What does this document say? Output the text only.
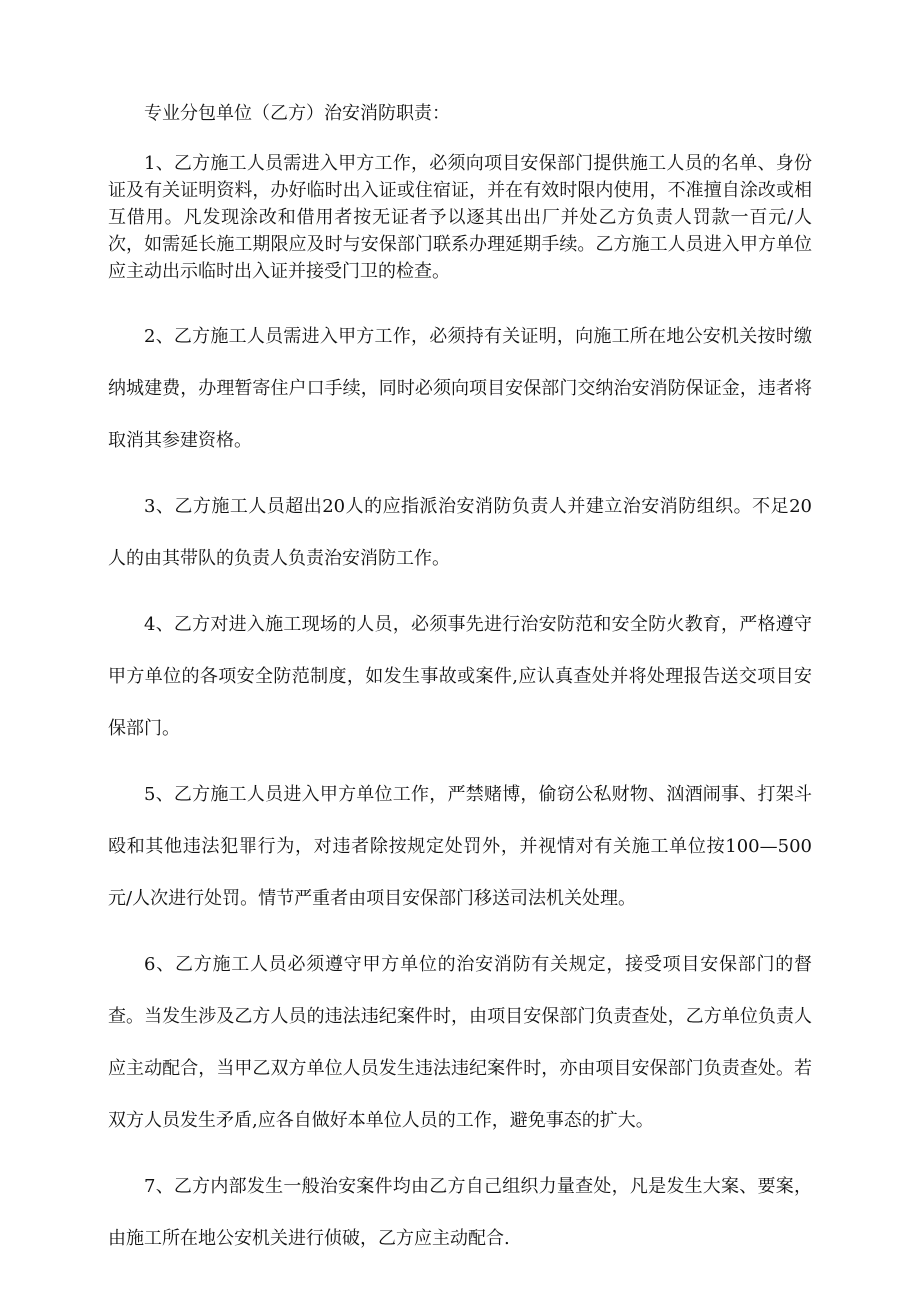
专业分包单位（乙方）治安消防职责：

1、乙方施工人员需进入甲方工作，必须向项目安保部门提供施工人员的名单、身份证及有关证明资料，办好临时出入证或住宿证，并在有效时限内使用，不准擅自涂改或相互借用。凡发现涂改和借用者按无证者予以逐其出出厂并处乙方负责人罚款一百元/人次，如需延长施工期限应及时与安保部门联系办理延期手续。乙方施工人员进入甲方单位应主动出示临时出入证并接受门卫的检查。

2、乙方施工人员需进入甲方工作，必须持有关证明，向施工所在地公安机关按时缴纳城建费，办理暂寄住户口手续，同时必须向项目安保部门交纳治安消防保证金，违者将取消其参建资格。

3、乙方施工人员超出20人的应指派治安消防负责人并建立治安消防组织。不足20人的由其带队的负责人负责治安消防工作。

4、乙方对进入施工现场的人员，必须事先进行治安防范和安全防火教育，严格遵守甲方单位的各项安全防范制度，如发生事故或案件,应认真查处并将处理报告送交项目安保部门。

5、乙方施工人员进入甲方单位工作，严禁赌博，偷窃公私财物、汹酒闹事、打架斗殴和其他违法犯罪行为，对违者除按规定处罚外，并视情对有关施工单位按100—500元/人次进行处罚。情节严重者由项目安保部门移送司法机关处理。

6、乙方施工人员必须遵守甲方单位的治安消防有关规定，接受项目安保部门的督查。当发生涉及乙方人员的违法违纪案件时，由项目安保部门负责查处，乙方单位负责人应主动配合，当甲乙双方单位人员发生违法违纪案件时，亦由项目安保部门负责查处。若双方人员发生矛盾,应各自做好本单位人员的工作，避免事态的扩大。

7、乙方内部发生一般治安案件均由乙方自己组织力量查处，凡是发生大案、要案，由施工所在地公安机关进行侦破，乙方应主动配合.
